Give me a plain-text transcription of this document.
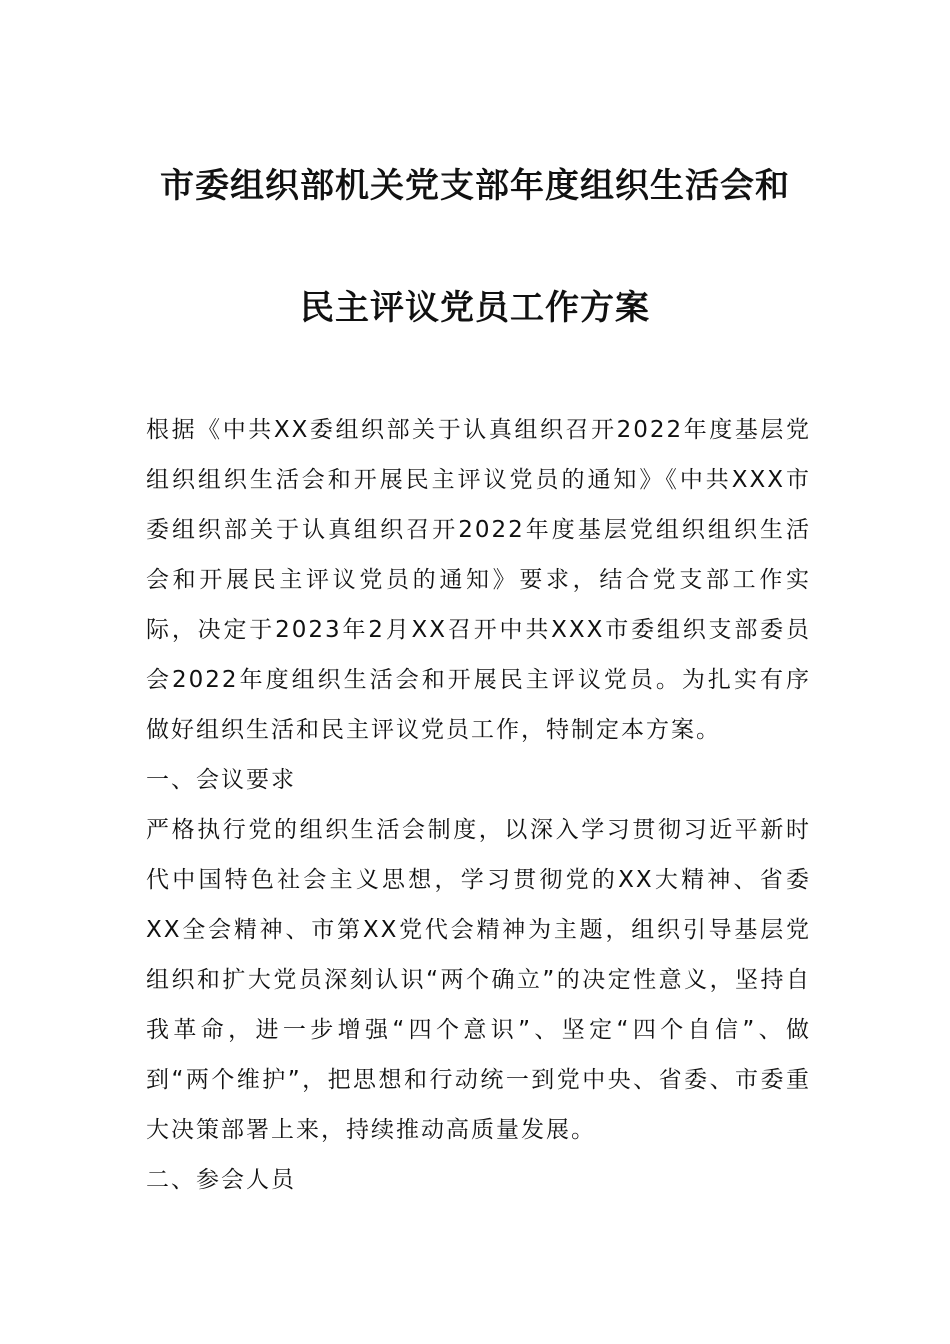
市委组织部机关党支部年度组织生活会和
民主评议党员工作方案

根据《中共XX委组织部关于认真组织召开2022年度基层党组织组织生活会和开展民主评议党员的通知》《中共XXX市委组织部关于认真组织召开2022年度基层党组织组织生活会和开展民主评议党员的通知》要求，结合党支部工作实际，决定于2023年2月XX召开中共XXX市委组织支部委员会2022年度组织生活会和开展民主评议党员。为扎实有序做好组织生活和民主评议党员工作，特制定本方案。

一、会议要求

严格执行党的组织生活会制度，以深入学习贯彻习近平新时代中国特色社会主义思想，学习贯彻党的XX大精神、省委XX全会精神、市第XX党代会精神为主题，组织引导基层党组织和扩大党员深刻认识“两个确立”的决定性意义，坚持自我革命，进一步增强“四个意识”、坚定“四个自信”、做到“两个维护”，把思想和行动统一到党中央、省委、市委重大决策部署上来，持续推动高质量发展。

二、参会人员
